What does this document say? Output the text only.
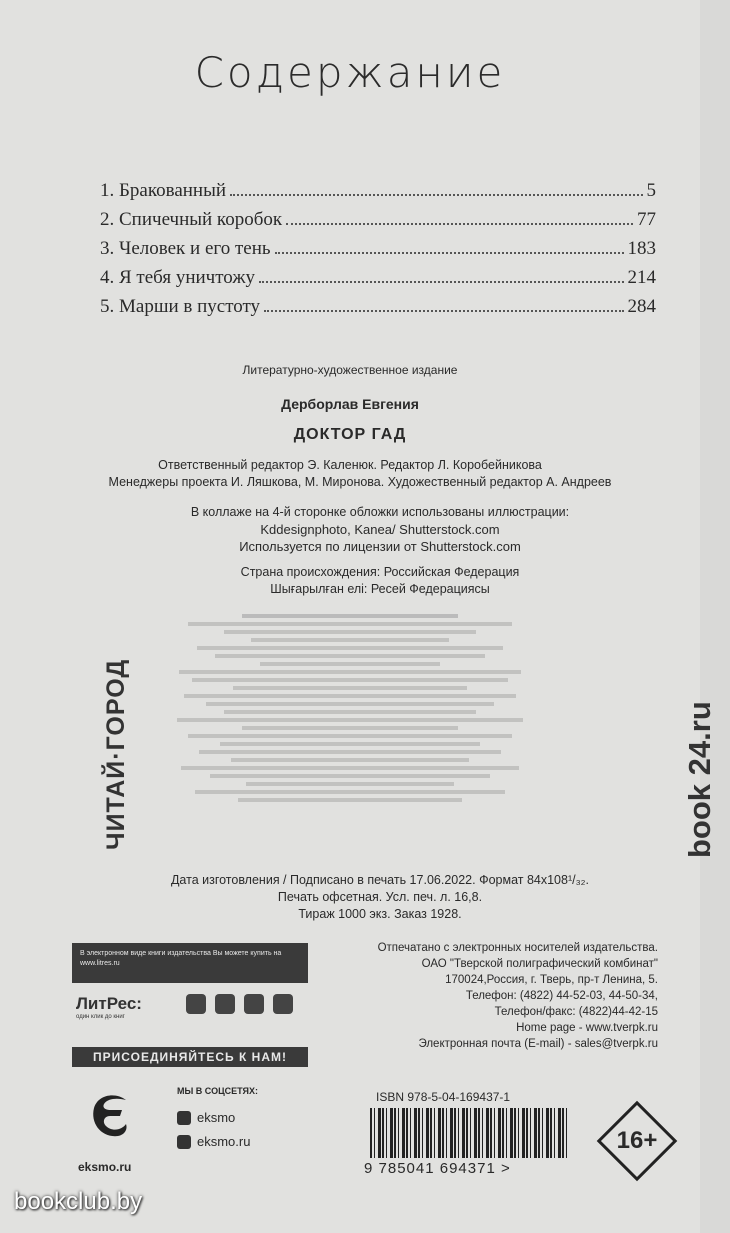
Содержание
1. Бракованный	5
2. Спичечный коробок	77
3. Человек и его тень	183
4. Я тебя уничтожу	214
5. Марши в пустоту	284
Литературно-художественное издание
Дерборлав Евгения
ДОКТОР ГАД
Ответственный редактор Э. Каленюк. Редактор Л. Коробейникова
Менеджеры проекта И. Ляшкова, М. Миронова. Художественный редактор А. Андреев
В коллаже на 4-й сторонке обложки использованы иллюстрации:
Kddesignphoto, Kanea/ Shutterstock.com
Используется по лицензии от Shutterstock.com
Страна происхождения: Российская Федерация
Шығарылған елі: Ресей Федерациясы
ЧИТАЙ·ГОРОД	book 24.ru
Дата изготовления / Подписано в печать 17.06.2022. Формат 84x108¹/₃₂.
Печать офсетная. Усл. печ. л. 16,8.
Тираж 1000 экз. Заказ 1928.
В электронном виде книги издательства Вы можете купить на www.litres.ru
ЛитРес:
один клик до книг
ПРИСОЕДИНЯЙТЕСЬ К НАМ!
eksmo.ru
МЫ В СОЦСЕТЯХ:
eksmo
eksmo.ru
Отпечатано с электронных носителей издательства.
ОАО "Тверской полиграфический комбинат"
170024,Россия, г. Тверь, пр-т Ленина, 5.
Телефон: (4822) 44-52-03, 44-50-34,
Телефон/факс: (4822)44-42-15
Home page - www.tverpk.ru
Электронная почта (E-mail) - sales@tverpk.ru
ISBN 978-5-04-169437-1
9 785041 694371 >
16+
bookclub.by
